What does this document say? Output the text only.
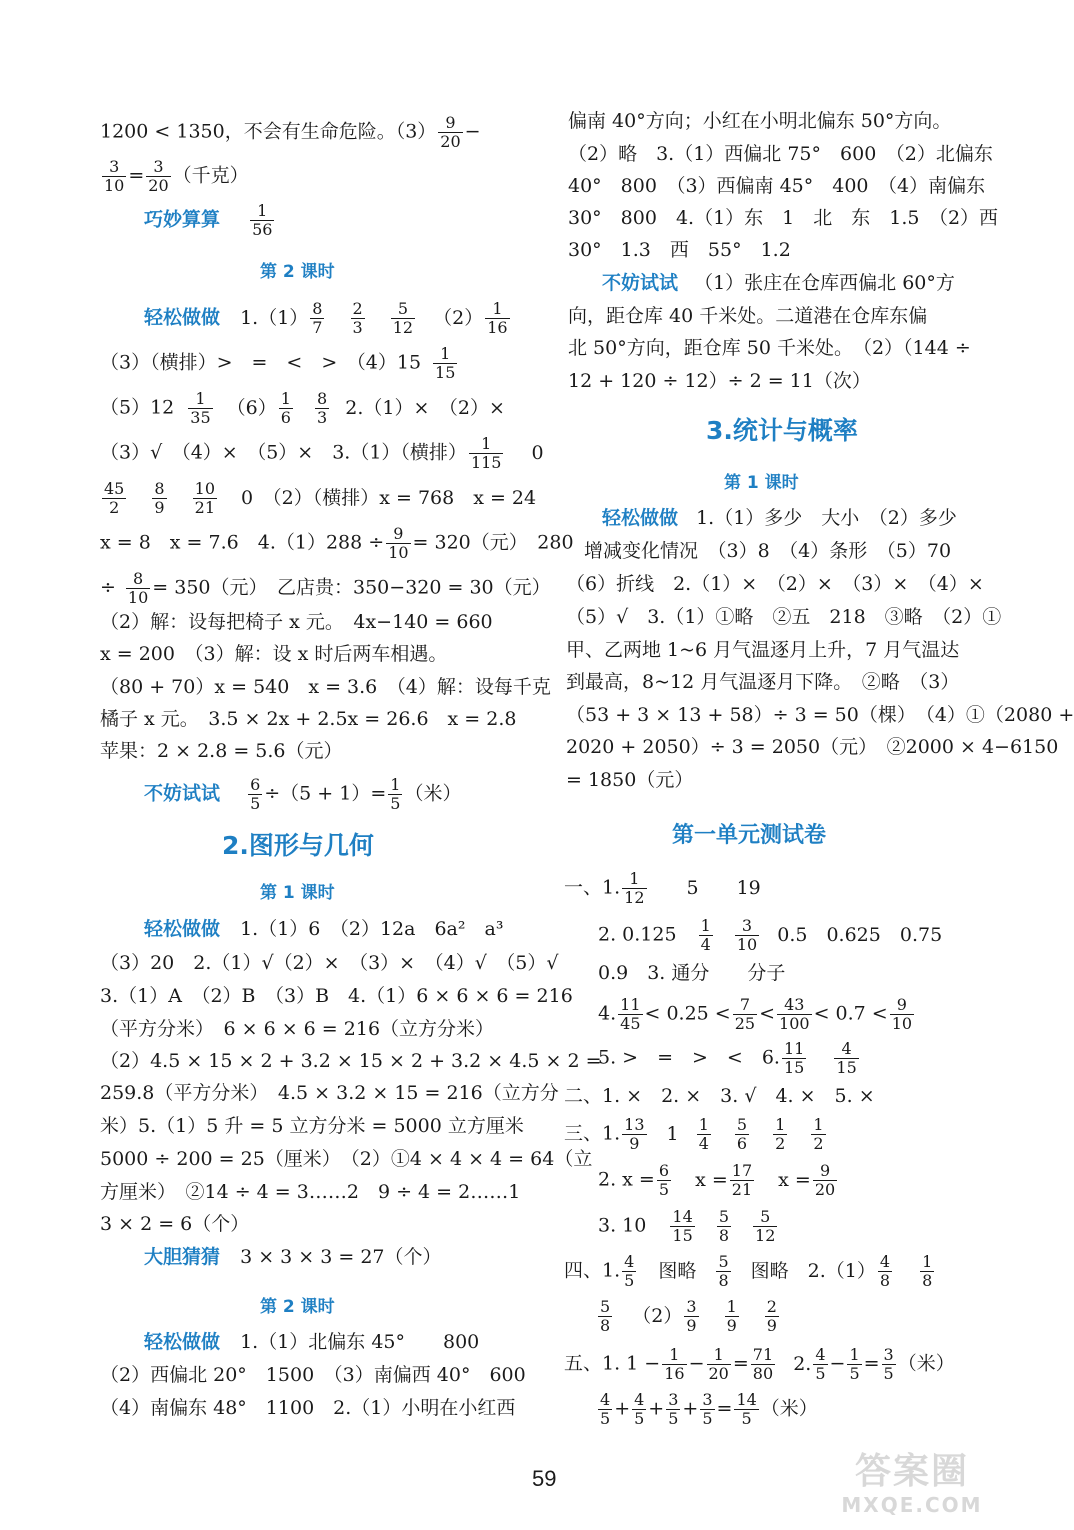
1200 < 1350，不会有生命危险。$(3) \frac{9}{20}$ −
$\frac{3}{10} = \frac{3}{20}$ （千克）
巧妙算算 $\frac{1}{56}$
第 2 课时
轻松做做 $1.(1) \frac{8}{7}$
$\frac{2}{3}$
$\frac{5}{12} (2) \frac{1}{16}$
（3）（横排）>　=　<　>　$(4)15 \frac{1}{15}$
$(5)12 \frac{1}{35} (6) \frac{1}{6}$
$\frac{8}{3} 2.(1)\times$　（2）×
（3）√　（4）×　（5）×　3.（1）（横排） $\frac{1}{115} 0$
$\frac{45}{2}$
$\frac{8}{9}$
$\frac{10}{21} 0$　（2）（横排）x = 768　x = 24
x = 8　x = 7.6　$4.(1)288 \div \frac{9}{10} = 320$（元）　280
÷ $\frac{8}{10} = 350$（元）　乙店贵：350−320 = 30（元）
（2）解：设每把椅子 x 元。　4x−140 = 660
x = 200　（3）解：设 x 时后两车相遇。
（80 + 70）x = 540　x = 3.6　（4）解：设每千克
橘子 x 元。　3.5 × 2x + 2.5x = 26.6　x = 2.8
苹果：2 × 2.8 = 5.6（元）
不妨试试 $\frac{6}{5} \div(5 + 1)= \frac{1}{5}$ （米）
2.图形与几何
第 1 课时
轻松做做 1.（1）6　（2）12a　6a²　a³
（3）20　2.（1）√（2）×　（3）×　（4）√　（5）√
3.（1）A　（2）B　（3）B　4.（1）6 × 6 × 6 = 216
（平方分米）　6 × 6 × 6 = 216（立方分米）
（2）4.5 × 15 × 2 + 3.2 × 15 × 2 + 3.2 × 4.5 × 2 =
259.8（平方分米）　4.5 × 3.2 × 15 = 216（立方分
米）5.（1）5 升 = 5 立方分米 = 5000 立方厘米
5000 ÷ 200 = 25（厘米）　（2）①4 × 4 × 4 = 64（立
方厘米）　②14 ÷ 4 = 3……2　9 ÷ 4 = 2……1
3 × 2 = 6（个）
大胆猜猜 3 × 3 × 3 = 27（个）
第 2 课时
轻松做做 1.（1）北偏东 45°　　800
（2）西偏北 20°　1500　（3）南偏西 40°　600
（4）南偏东 48°　1100　2.（1）小明在小红西
偏南 40°方向；小红在小明北偏东 50°方向。
（2）略　3.（1）西偏北 75°　600　（2）北偏东
40°　800　（3）西偏南 45°　400　（4）南偏东
30°　800　4.（1）东　1　北　东　1.5　（2）西
30°　1.3　西　55°　1.2
不妨试试 （1）张庄在仓库西偏北 60°方
向，距仓库 40 千米处。二道港在仓库东偏
北 50°方向，距仓库 50 千米处。　（2）（144 ÷
12 + 120 ÷ 12）÷ 2 = 11（次）
3.统计与概率
第 1 课时
轻松做做 1.（1）多少　大小　（2）多少
增减变化情况　（3）8　（4）条形　（5）70
（6）折线　2.（1）×　（2）×　（3）×　（4）×
（5）√　3.（1）①略　②五　218　③略　（2）①
甲、乙两地 1~6 月气温逐月上升，7 月气温达
到最高，8~12 月气温逐月下降。　②略　（3）
（53 + 3 × 13 + 58）÷ 3 = 50（棵）　（4）①（2080 +
2020 + 2050）÷ 3 = 2050（元）　②2000 × 4−6150
= 1850（元）
第一单元测试卷
一、1. $\frac{1}{12} 5$　　19
2. $0.125 \frac{1}{4}$
$\frac{3}{10} 0.5$　0.625　0.75
0.9　3. 通分　　分子
4. $\frac{11}{45} < 0.25 < \frac{7}{25} < \frac{43}{100} < 0.7 < \frac{9}{10}$
5. >　=　>　<　6. $\frac{11}{15}$
$\frac{4}{15}$
二、1. ×　2. ×　3. √　4. ×　5. ×
三、1. $\frac{13}{9} 1 \frac{1}{4}$
$\frac{5}{6}$
$\frac{1}{2}$
$\frac{1}{2}$
2. $x = \frac{6}{5}$ $x = \frac{17}{21}$ $x = \frac{9}{20}$
3. $10 \frac{14}{15}$
$\frac{5}{8}$
$\frac{5}{12}$
四、1. $\frac{4}{5}$ 图略 $\frac{5}{8}$ 图略　$2.(1) \frac{4}{8}$
$\frac{1}{8}$
$\frac{5}{8} (2) \frac{3}{9}$
$\frac{1}{9}$
$\frac{2}{9}$
五、1. $1 - \frac{1}{16} - \frac{1}{20} = \frac{71}{80} 2$. $\frac{4}{5} - \frac{1}{5} = \frac{3}{5}$ （米）
$\frac{4}{5} + \frac{4}{5} + \frac{3}{5} + \frac{3}{5} = \frac{14}{5}$ （米）
59	答案圈
MXQE.COM
